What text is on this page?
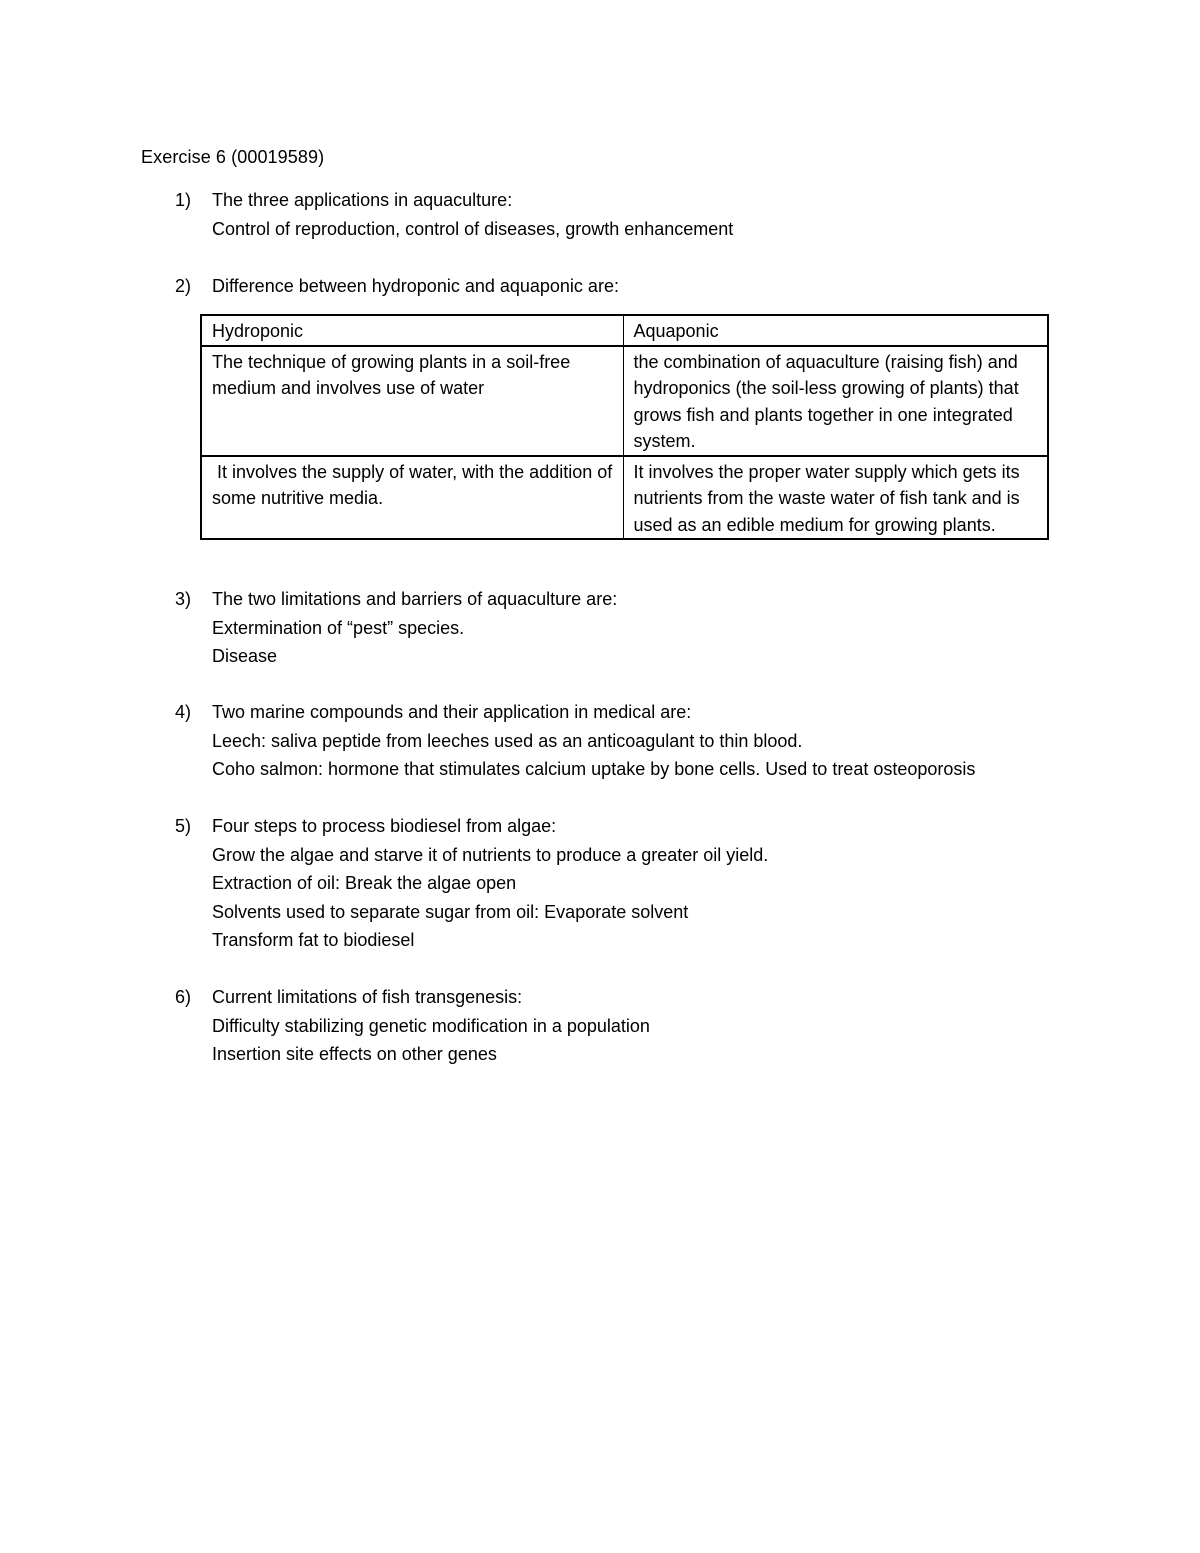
Exercise 6 (00019589)
1) The three applications in aquaculture:
Control of reproduction, control of diseases, growth enhancement
2) Difference between hydroponic and aquaponic are:
Hydroponic	Aquaponic
The technique of growing plants in a soil-free medium and involves use of water	the combination of aquaculture (raising fish) and hydroponics (the soil-less growing of plants) that grows fish and plants together in one integrated system.
It involves the supply of water, with the addition of some nutritive media.	It involves the proper water supply which gets its nutrients from the waste water of fish tank and is used as an edible medium for growing plants.
3) The two limitations and barriers of aquaculture are:
Extermination of “pest” species.
Disease
4) Two marine compounds and their application in medical are:
Leech: saliva peptide from leeches used as an anticoagulant to thin blood.
Coho salmon: hormone that stimulates calcium uptake by bone cells. Used to treat osteoporosis
5) Four steps to process biodiesel from algae:
Grow the algae and starve it of nutrients to produce a greater oil yield.
Extraction of oil: Break the algae open
Solvents used to separate sugar from oil: Evaporate solvent
Transform fat to biodiesel
6) Current limitations of fish transgenesis:
Difficulty stabilizing genetic modification in a population
Insertion site effects on other genes
